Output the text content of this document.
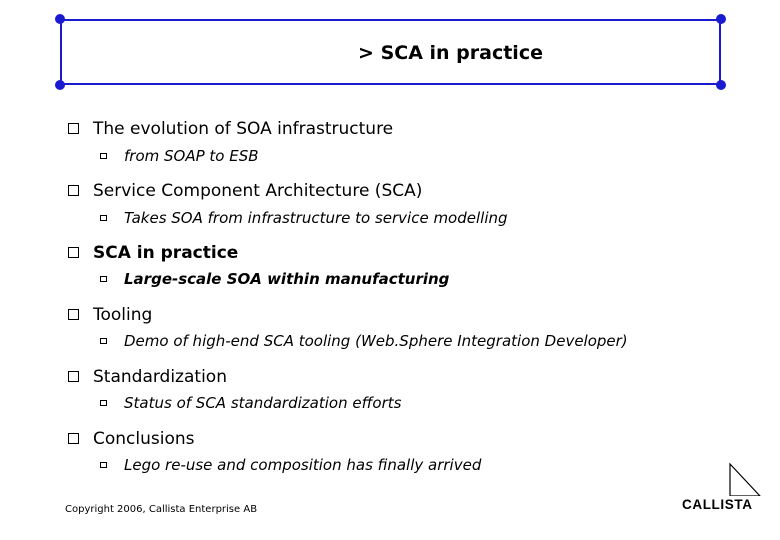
> SCA in practice
The evolution of SOA infrastructure
from SOAP to ESB
Service Component Architecture (SCA)
Takes SOA from infrastructure to service modelling
SCA in practice
Large-scale SOA within manufacturing
Tooling
Demo of high-end SCA tooling (Web.Sphere Integration Developer)
Standardization
Status of SCA standardization efforts
Conclusions
Lego re-use and composition has finally arrived
Copyright 2006, Callista Enterprise AB	CALLISTA
